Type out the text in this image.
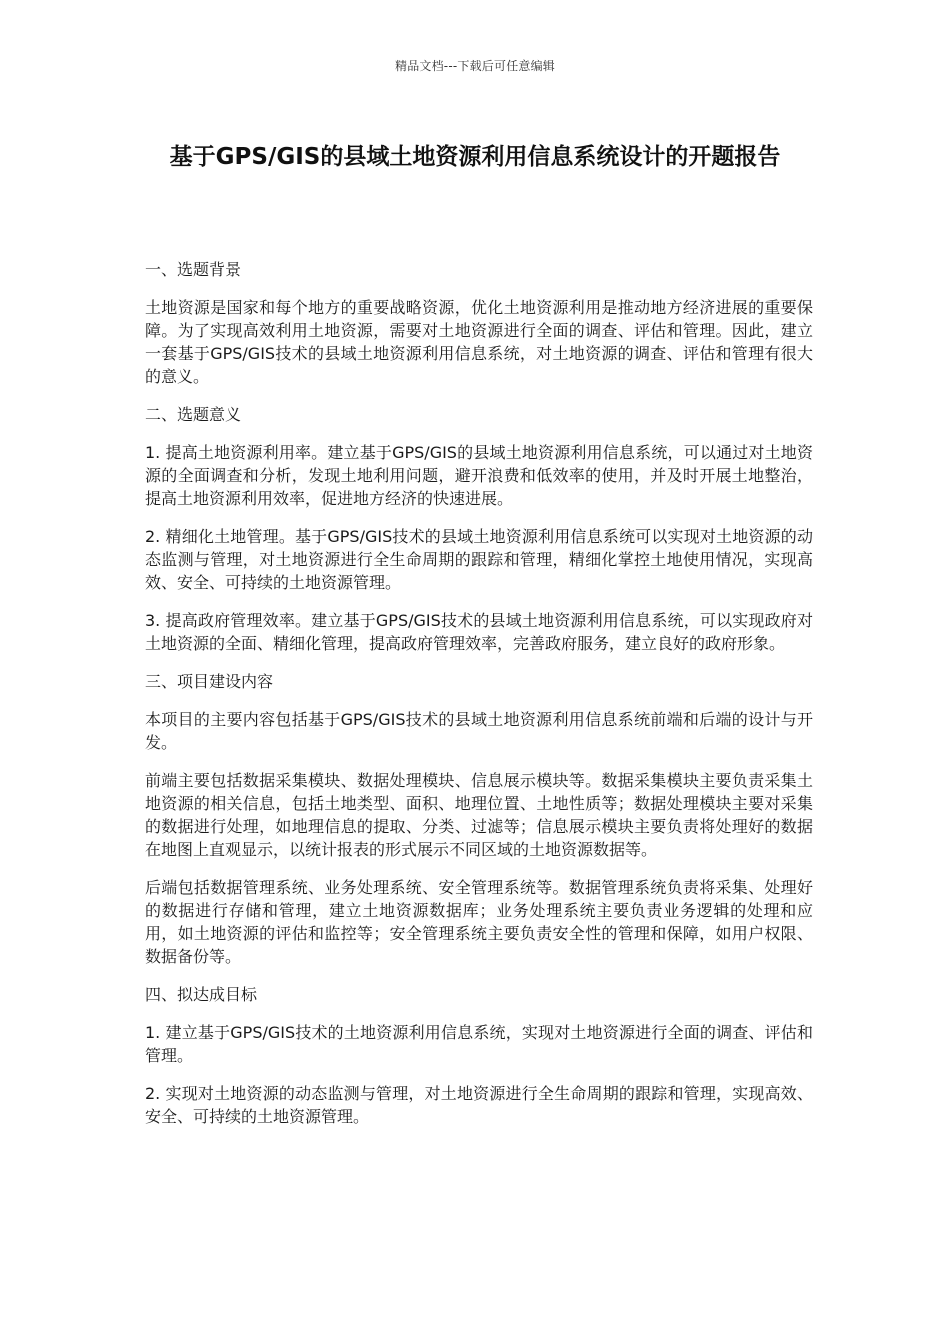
精品文档---下载后可任意编辑
基于GPS/GIS的县域土地资源利用信息系统设计的开题报告
一、选题背景

土地资源是国家和每个地方的重要战略资源，优化土地资源利用是推动地方经济进展的重要保障。为了实现高效利用土地资源，需要对土地资源进行全面的调查、评估和管理。因此，建立一套基于GPS/GIS技术的县域土地资源利用信息系统，对土地资源的调查、评估和管理有很大的意义。

二、选题意义

1. 提高土地资源利用率。建立基于GPS/GIS的县域土地资源利用信息系统，可以通过对土地资源的全面调查和分析，发现土地利用问题，避开浪费和低效率的使用，并及时开展土地整治，提高土地资源利用效率，促进地方经济的快速进展。

2. 精细化土地管理。基于GPS/GIS技术的县域土地资源利用信息系统可以实现对土地资源的动态监测与管理，对土地资源进行全生命周期的跟踪和管理，精细化掌控土地使用情况，实现高效、安全、可持续的土地资源管理。

3. 提高政府管理效率。建立基于GPS/GIS技术的县域土地资源利用信息系统，可以实现政府对土地资源的全面、精细化管理，提高政府管理效率，完善政府服务，建立良好的政府形象。

三、项目建设内容

本项目的主要内容包括基于GPS/GIS技术的县域土地资源利用信息系统前端和后端的设计与开发。

前端主要包括数据采集模块、数据处理模块、信息展示模块等。数据采集模块主要负责采集土地资源的相关信息，包括土地类型、面积、地理位置、土地性质等；数据处理模块主要对采集的数据进行处理，如地理信息的提取、分类、过滤等；信息展示模块主要负责将处理好的数据在地图上直观显示，以统计报表的形式展示不同区域的土地资源数据等。

后端包括数据管理系统、业务处理系统、安全管理系统等。数据管理系统负责将采集、处理好的数据进行存储和管理，建立土地资源数据库；业务处理系统主要负责业务逻辑的处理和应用，如土地资源的评估和监控等；安全管理系统主要负责安全性的管理和保障，如用户权限、数据备份等。

四、拟达成目标

1. 建立基于GPS/GIS技术的土地资源利用信息系统，实现对土地资源进行全面的调查、评估和管理。

2. 实现对土地资源的动态监测与管理，对土地资源进行全生命周期的跟踪和管理，实现高效、安全、可持续的土地资源管理。
